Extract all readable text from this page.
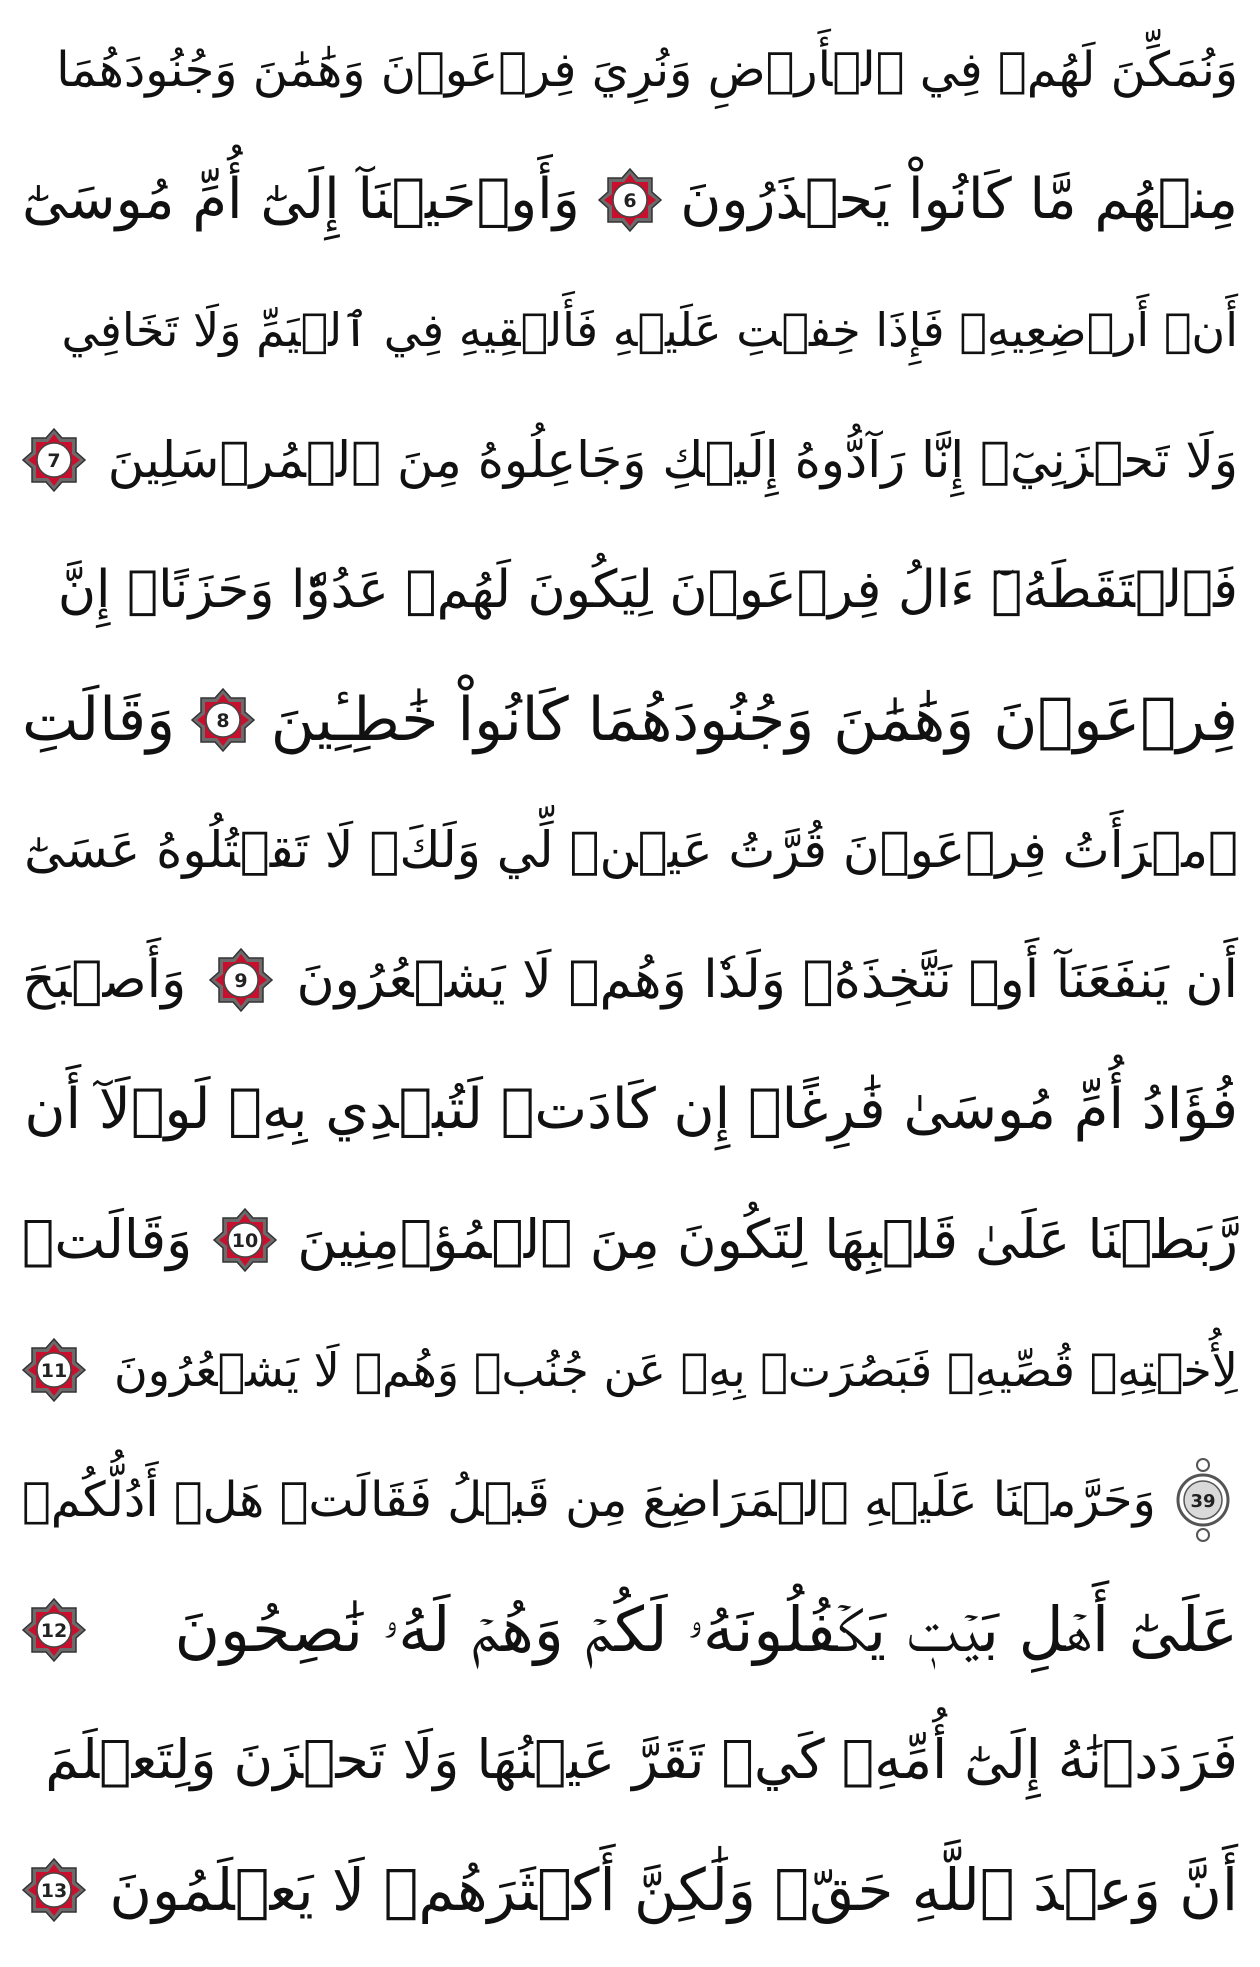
وَنُمَكِّنَ لَهُمۡ فِي ٱلۡأَرۡضِ وَنُرِيَ فِرۡعَوۡنَ وَهَٰمَٰنَ وَجُنُودَهُمَا
مِنۡهُم مَّا كَانُواْ يَحۡذَرُونَ
6
وَأَوۡحَيۡنَآ إِلَىٰٓ أُمِّ مُوسَىٰٓ
أَنۡ أَرۡضِعِيهِۖ فَإِذَا خِفۡتِ عَلَيۡهِ فَأَلۡقِيهِ فِي ٱلۡيَمِّ وَلَا تَخَافِي
وَلَا تَحۡزَنِيٓۖ إِنَّا رَآدُّوهُ إِلَيۡكِ وَجَاعِلُوهُ مِنَ ٱلۡمُرۡسَلِينَ
7
فَٱلۡتَقَطَهُۥٓ ءَالُ فِرۡعَوۡنَ لِيَكُونَ لَهُمۡ عَدُوّٗا وَحَزَنًاۗ إِنَّ
فِرۡعَوۡنَ وَهَٰمَٰنَ وَجُنُودَهُمَا كَانُواْ خَٰطِـِٔينَ
8
وَقَالَتِ
ٱمۡرَأَتُ فِرۡعَوۡنَ قُرَّتُ عَيۡنٖ لِّي وَلَكَۖ لَا تَقۡتُلُوهُ عَسَىٰٓ
أَن يَنفَعَنَآ أَوۡ نَتَّخِذَهُۥ وَلَدٗا وَهُمۡ لَا يَشۡعُرُونَ
9
وَأَصۡبَحَ
فُؤَادُ أُمِّ مُوسَىٰ فَٰرِغًاۖ إِن كَادَتۡ لَتُبۡدِي بِهِۦ لَوۡلَآ أَن
رَّبَطۡنَا عَلَىٰ قَلۡبِهَا لِتَكُونَ مِنَ ٱلۡمُؤۡمِنِينَ
10
وَقَالَتۡ
لِأُخۡتِهِۦ قُصِّيهِۖ فَبَصُرَتۡ بِهِۦ عَن جُنُبٖ وَهُمۡ لَا يَشۡعُرُونَ
11
39
وَحَرَّمۡنَا عَلَيۡهِ ٱلۡمَرَاضِعَ مِن قَبۡلُ فَقَالَتۡ هَلۡ أَدُلُّكُمۡ
عَلَىٰٓ أَهۡلِ بَيۡتٖ يَكۡفُلُونَهُۥ لَكُمۡ وَهُمۡ لَهُۥ نَٰصِحُونَ
12
فَرَدَدۡنَٰهُ إِلَىٰٓ أُمِّهِۦ كَيۡ تَقَرَّ عَيۡنُهَا وَلَا تَحۡزَنَ وَلِتَعۡلَمَ
أَنَّ وَعۡدَ ٱللَّهِ حَقّٞ وَلَٰكِنَّ أَكۡثَرَهُمۡ لَا يَعۡلَمُونَ
13
